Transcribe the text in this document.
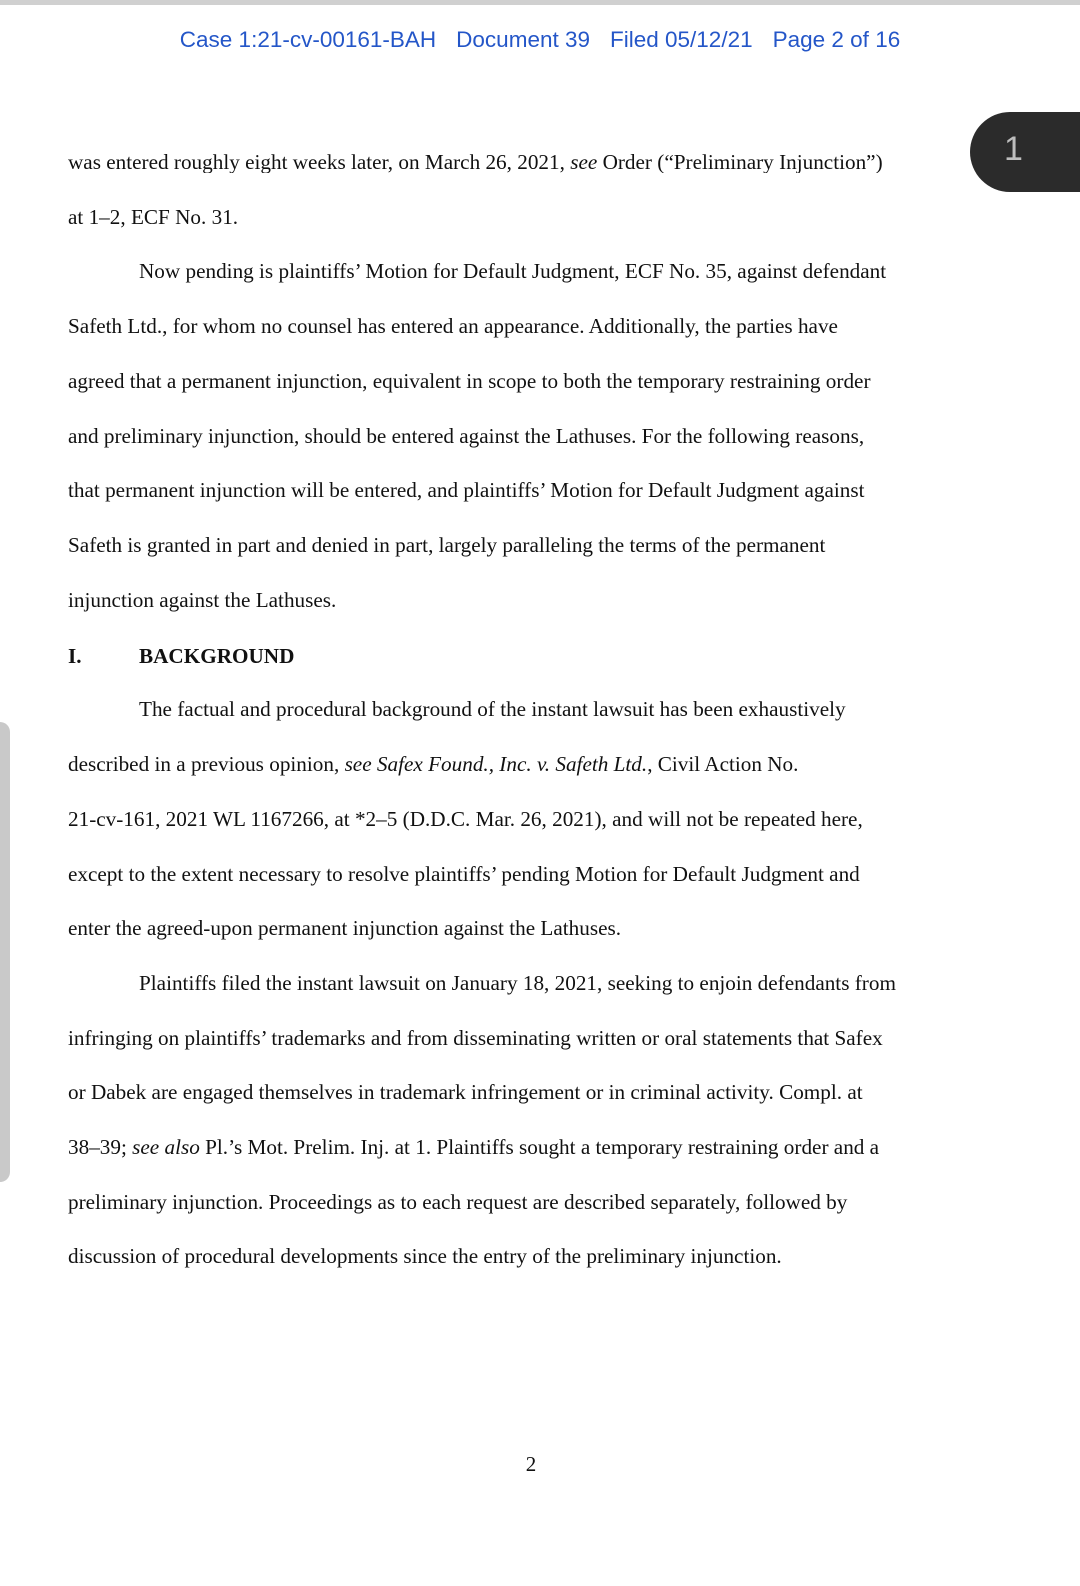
Case 1:21-cv-00161-BAH Document 39 Filed 05/12/21 Page 2 of 16
1
was entered roughly eight weeks later, on March 26, 2021, see Order (“Preliminary Injunction”)
at 1–2, ECF No. 31.
Now pending is plaintiffs’ Motion for Default Judgment, ECF No. 35, against defendant
Safeth Ltd., for whom no counsel has entered an appearance. Additionally, the parties have
agreed that a permanent injunction, equivalent in scope to both the temporary restraining order
and preliminary injunction, should be entered against the Lathuses. For the following reasons,
that permanent injunction will be entered, and plaintiffs’ Motion for Default Judgment against
Safeth is granted in part and denied in part, largely paralleling the terms of the permanent
injunction against the Lathuses.
I.	BACKGROUND
The factual and procedural background of the instant lawsuit has been exhaustively
described in a previous opinion, see Safex Found., Inc. v. Safeth Ltd., Civil Action No.
21-cv-161, 2021 WL 1167266, at *2–5 (D.D.C. Mar. 26, 2021), and will not be repeated here,
except to the extent necessary to resolve plaintiffs’ pending Motion for Default Judgment and
enter the agreed-upon permanent injunction against the Lathuses.
Plaintiffs filed the instant lawsuit on January 18, 2021, seeking to enjoin defendants from
infringing on plaintiffs’ trademarks and from disseminating written or oral statements that Safex
or Dabek are engaged themselves in trademark infringement or in criminal activity. Compl. at
38–39; see also Pl.’s Mot. Prelim. Inj. at 1. Plaintiffs sought a temporary restraining order and a
preliminary injunction. Proceedings as to each request are described separately, followed by
discussion of procedural developments since the entry of the preliminary injunction.
2
